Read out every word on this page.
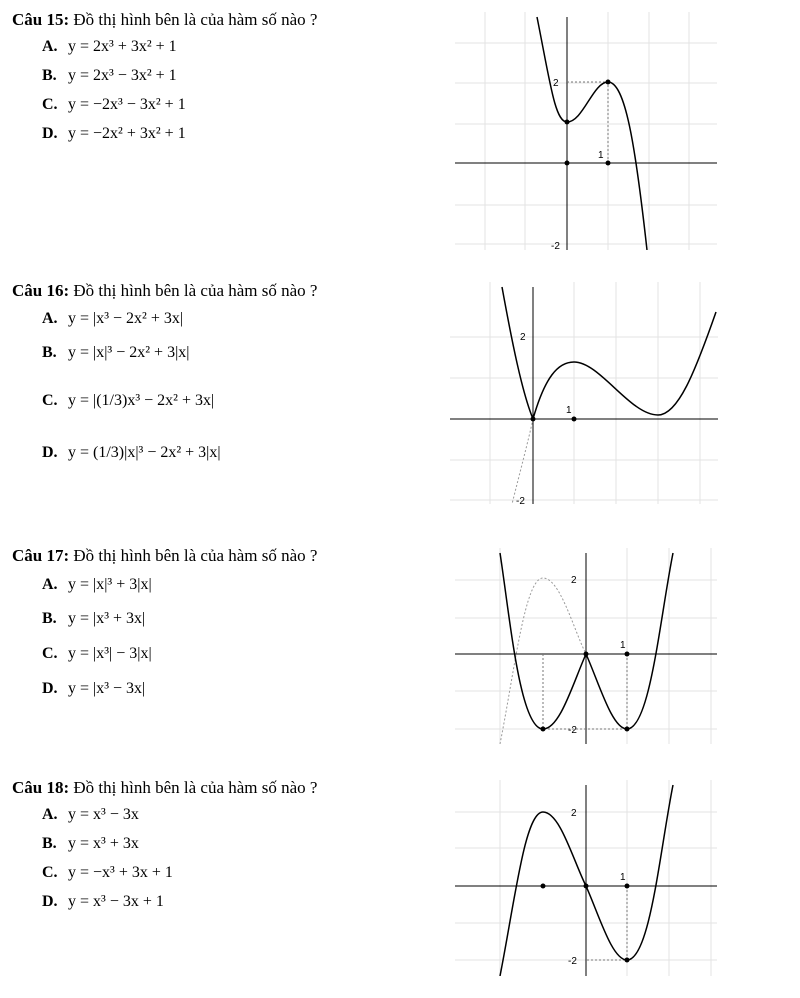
Câu 15: Đồ thị hình bên là của hàm số nào ?
A. y = 2x³ + 3x² + 1
B. y = 2x³ − 3x² + 1
C. y = −2x³ − 3x² + 1
D. y = −2x² + 3x² + 1
2
1
-2
Câu 16: Đồ thị hình bên là của hàm số nào ?
A. y = |x³ − 2x² + 3x|
B. y = |x|³ − 2x² + 3|x|
C. y = |(1/3)x³ − 2x² + 3x|
D. y = (1/3)|x|³ − 2x² + 3|x|
2
1
-2
Câu 17: Đồ thị hình bên là của hàm số nào ?
A. y = |x|³ + 3|x|
B. y = |x³ + 3x|
C. y = |x³| − 3|x|
D. y = |x³ − 3x|
2
1
-2
Câu 18: Đồ thị hình bên là của hàm số nào ?
A. y = x³ − 3x
B. y = x³ + 3x
C. y = −x³ + 3x + 1
D. y = x³ − 3x + 1
2
1
-2
